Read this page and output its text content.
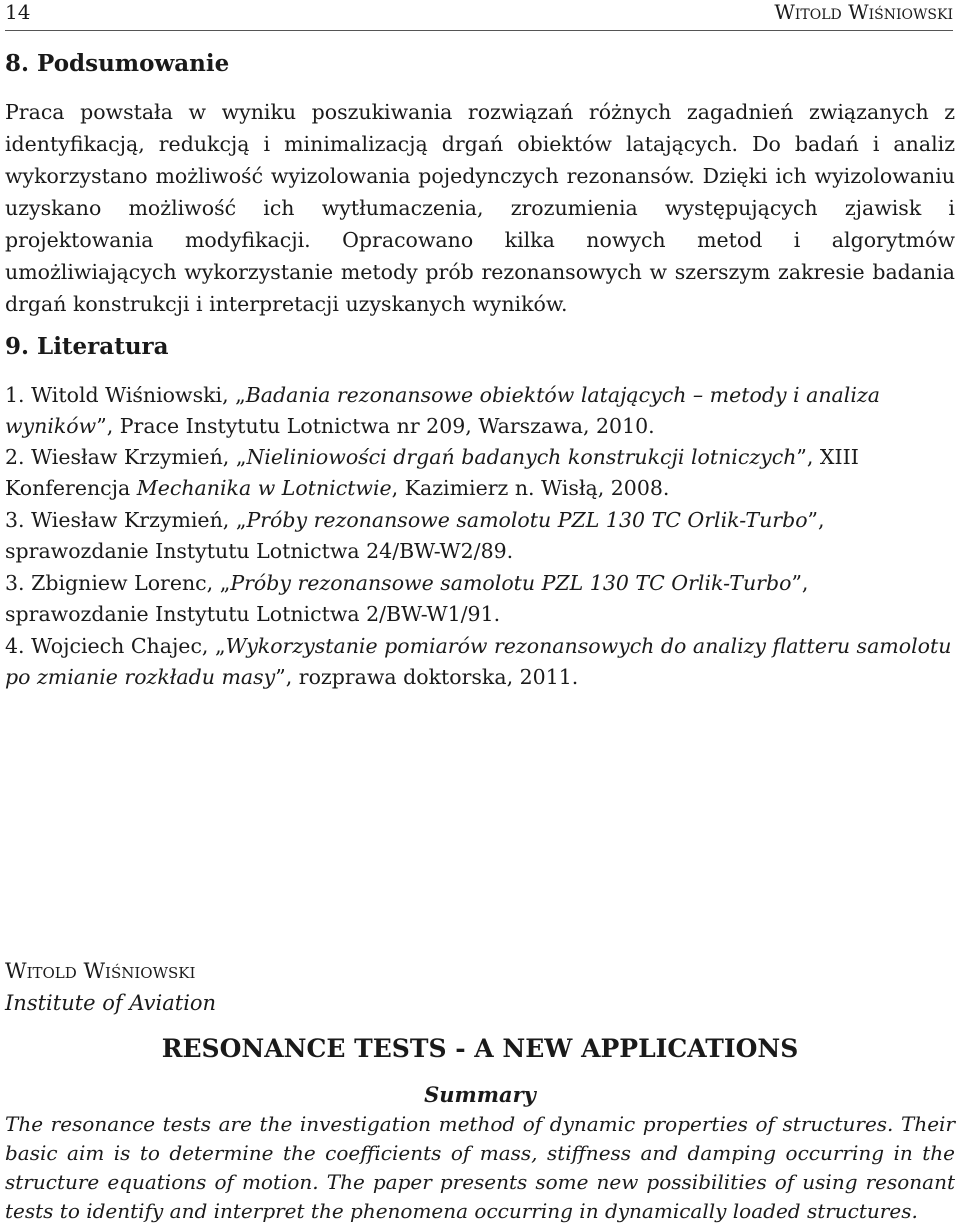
14	Witold Wiśniowski
8. Podsumowanie

Praca powstała w wyniku poszukiwania rozwiązań różnych zagadnień związanych z identyfikacją, redukcją i minimalizacją drgań obiektów latających. Do badań i analiz wykorzystano możliwość wyizolowania pojedynczych rezonansów. Dzięki ich wyizolowaniu uzyskano możliwość ich wytłumaczenia, zrozumienia występujących zjawisk i projektowania modyfikacji. Opracowano kilka nowych metod i algorytmów umożliwiających wykorzystanie metody prób rezonansowych w szerszym zakresie badania drgań konstrukcji i interpretacji uzyskanych wyników.

9. Literatura
1. Witold Wiśniowski, „Badania rezonansowe obiektów latających – metody i analiza wyników”, Prace Instytutu Lotnictwa nr 209, Warszawa, 2010.
2. Wiesław Krzymień, „Nieliniowości drgań badanych konstrukcji lotniczych”, XIII Konferencja Mechanika w Lotnictwie, Kazimierz n. Wisłą, 2008.
3. Wiesław Krzymień, „Próby rezonansowe samolotu PZL 130 TC Orlik-Turbo”, sprawozdanie Instytutu Lotnictwa 24/BW-W2/89.
3. Zbigniew Lorenc, „Próby rezonansowe samolotu PZL 130 TC Orlik-Turbo”, sprawozdanie Instytutu Lotnictwa 2/BW-W1/91.
4. Wojciech Chajec, „Wykorzystanie pomiarów rezonansowych do analizy flatteru samolotu po zmianie rozkładu masy”, rozprawa doktorska, 2011.
Witold Wiśniowski
Institute of Aviation
RESONANCE TESTS - A NEW APPLICATIONS
Summary

The resonance tests are the investigation method of dynamic properties of structures. Their basic aim is to determine the coefficients of mass, stiffness and damping occurring in the structure equations of motion. The paper presents some new possibilities of using resonant tests to identify and interpret the phenomena occurring in dynamically loaded structures.
